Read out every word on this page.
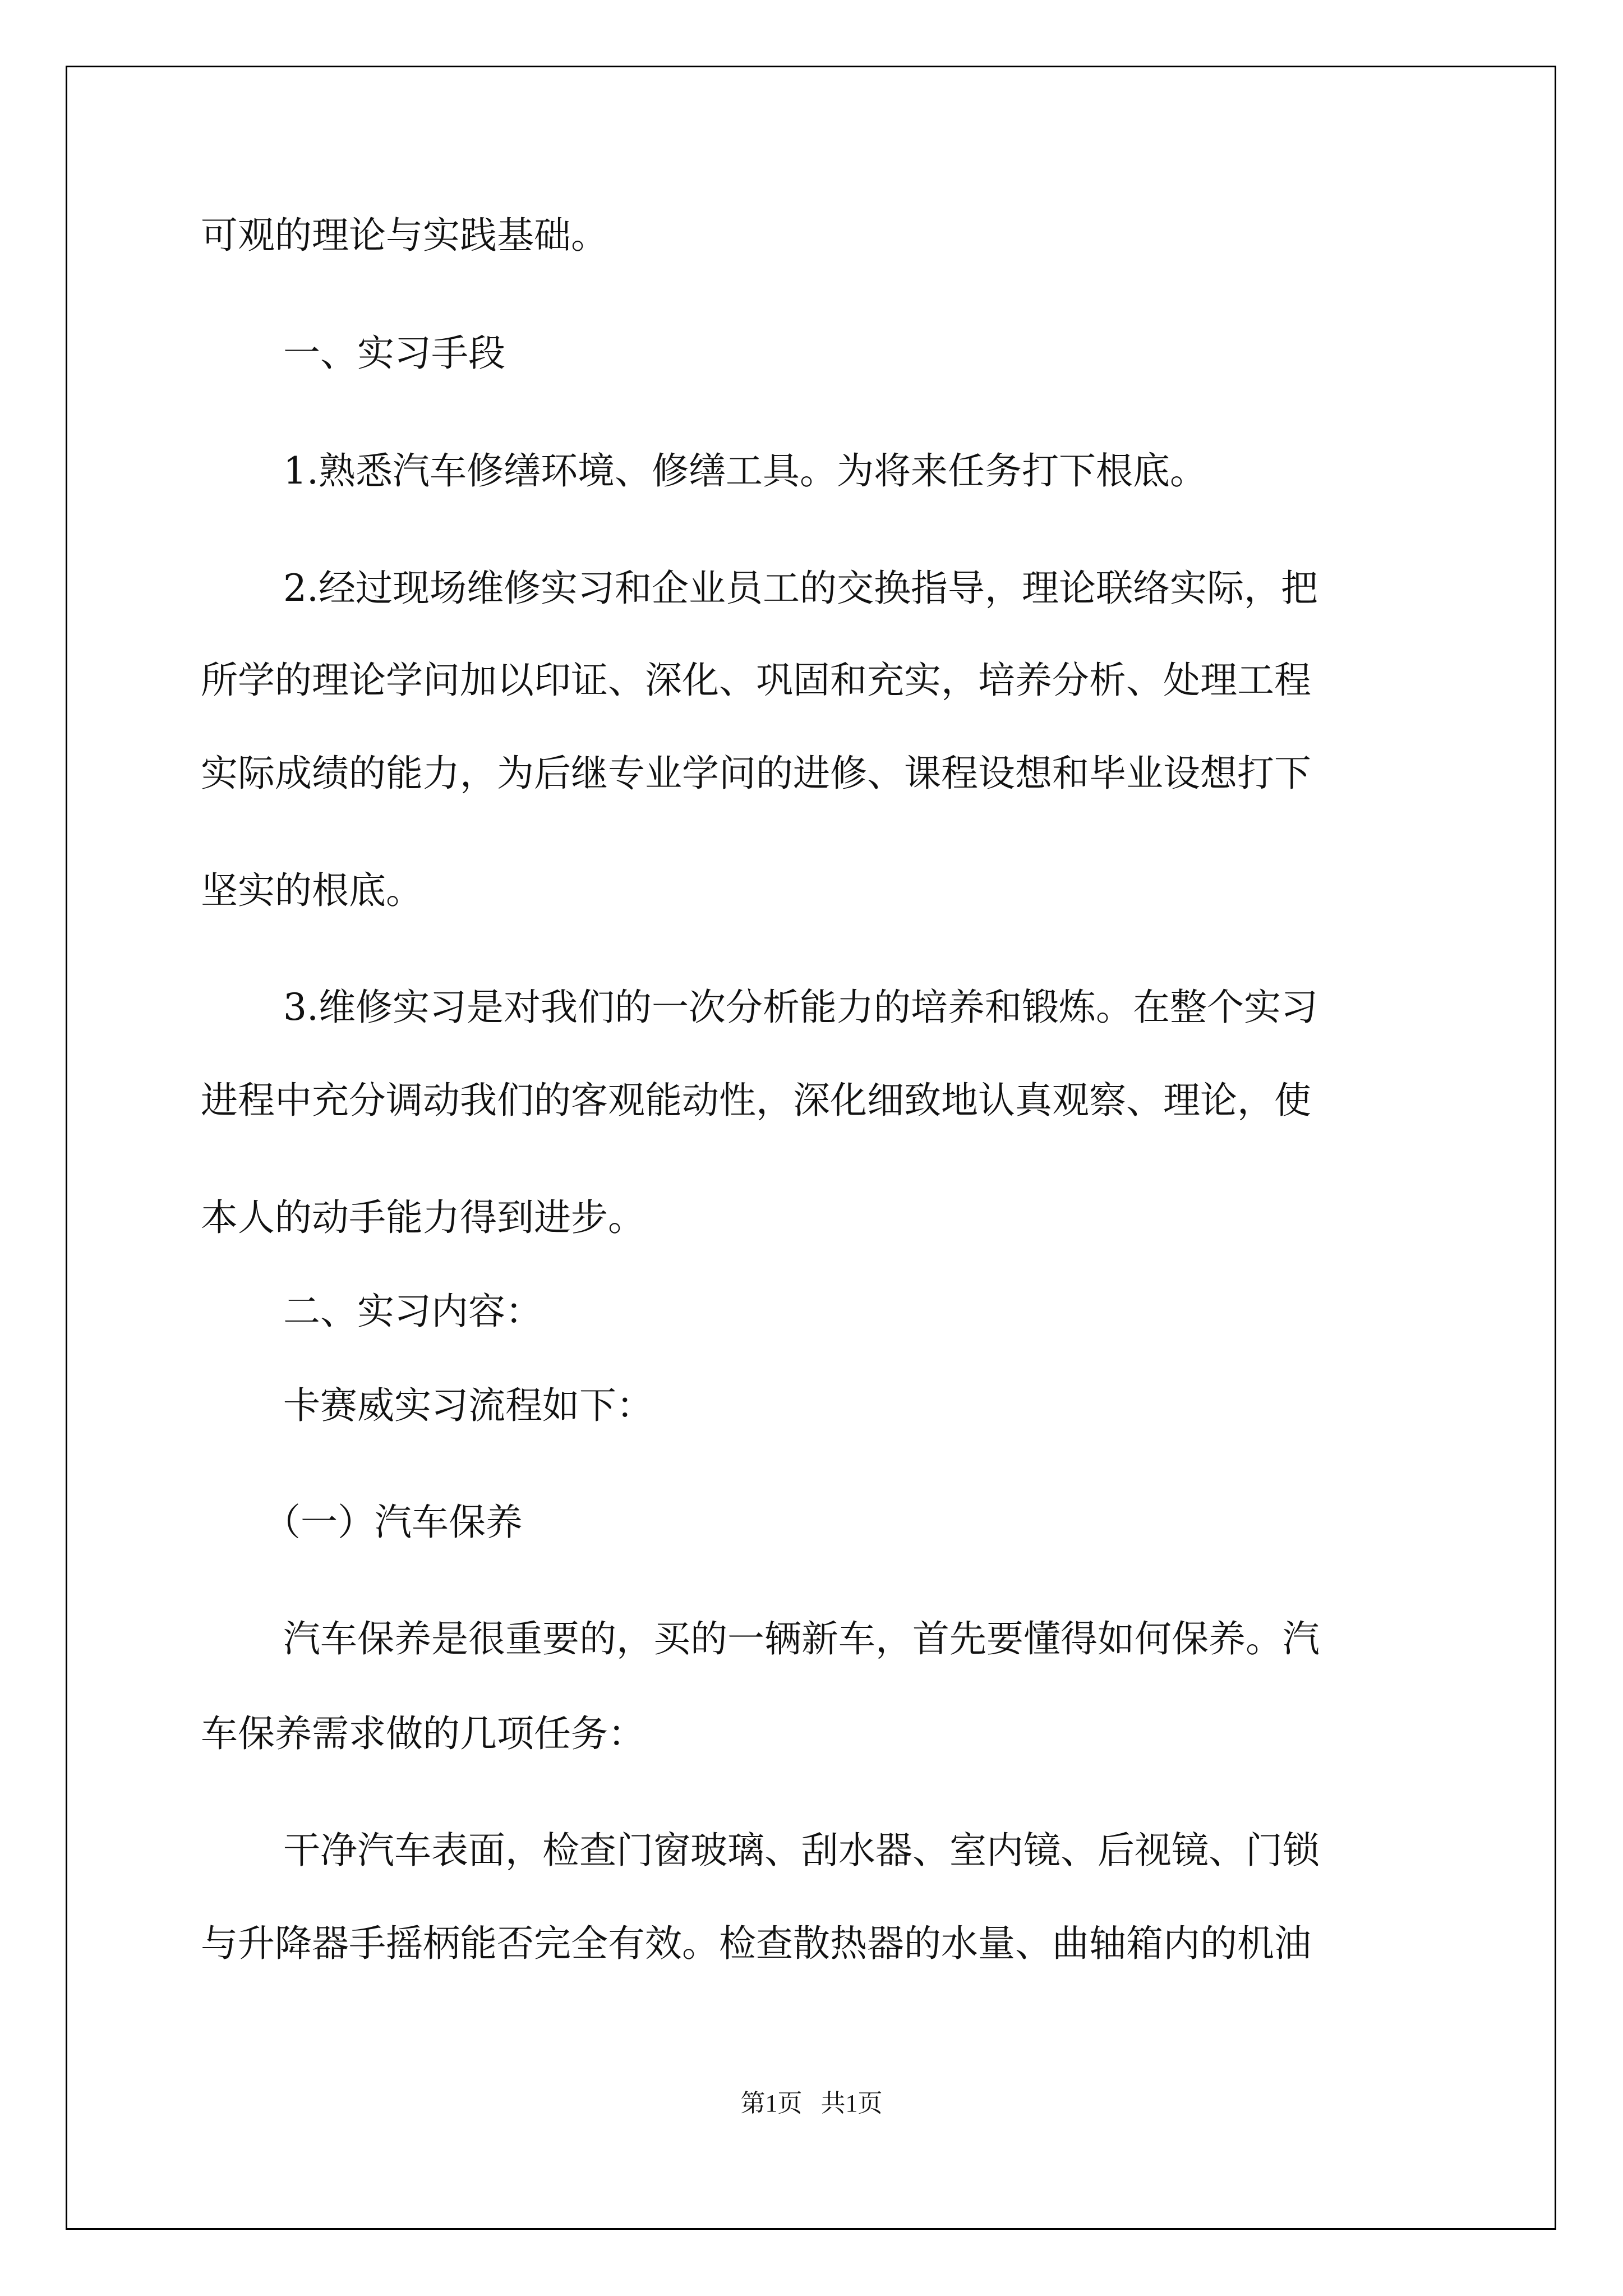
可观的理论与实践基础。
一、实习手段
1.熟悉汽车修缮环境、修缮工具。为将来任务打下根底。
2.经过现场维修实习和企业员工的交换指导，理论联络实际，把
所学的理论学问加以印证、深化、巩固和充实，培养分析、处理工程
实际成绩的能力，为后继专业学问的进修、课程设想和毕业设想打下
坚实的根底。
3.维修实习是对我们的一次分析能力的培养和锻炼。在整个实习
进程中充分调动我们的客观能动性，深化细致地认真观察、理论，使
本人的动手能力得到进步。
二、实习内容：
卡赛威实习流程如下：
（一）汽车保养
汽车保养是很重要的，买的一辆新车，首先要懂得如何保养。汽
车保养需求做的几项任务：
干净汽车表面，检查门窗玻璃、刮水器、室内镜、后视镜、门锁
与升降器手摇柄能否完全有效。检查散热器的水量、曲轴箱内的机油
第1页   共1页
